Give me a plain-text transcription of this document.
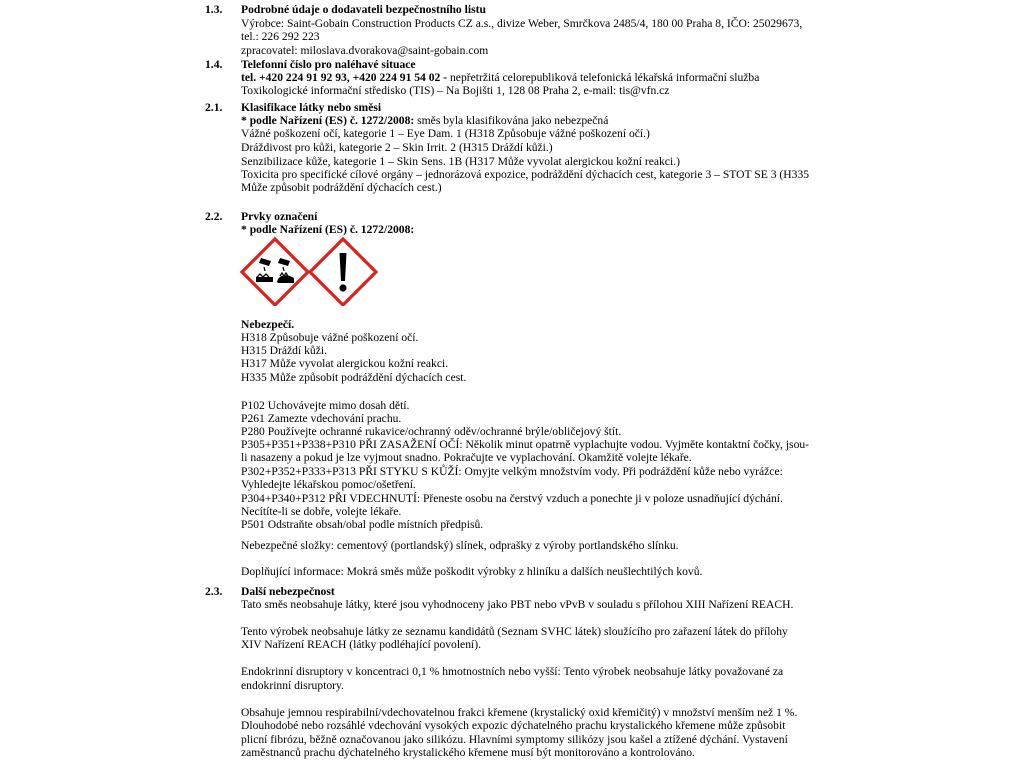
1.3. Podrobné údaje o dodavateli bezpečnostního listu
Výrobce: Saint-Gobain Construction Products CZ a.s., divize Weber, Smrčkova 2485/4, 180 00 Praha 8, IČO: 25029673,
tel.: 226 292 223
zpracovatel: miloslava.dvorakova@saint-gobain.com
1.4. Telefonní číslo pro naléhavé situace
tel. +420 224 91 92 93, +420 224 91 54 02 - nepřetržitá celorepubliková telefonická lékařská informační služba
Toxikologické informační středisko (TIS) – Na Bojišti 1, 128 08 Praha 2, e-mail: tis@vfn.cz
2.1. Klasifikace látky nebo směsi
* podle Nařízení (ES) č. 1272/2008: směs byla klasifikována jako nebezpečná
Vážné poškození očí, kategorie 1 – Eye Dam. 1 (H318 Způsobuje vážné poškození očí.)
Dráždivost pro kůži, kategorie 2 – Skin Irrit. 2 (H315 Dráždí kůži.)
Senzibilizace kůže, kategorie 1 – Skin Sens. 1B (H317 Může vyvolat alergickou kožní reakci.)
Toxicita pro specifické cílové orgány – jednorázová expozice, podráždění dýchacích cest, kategorie 3 – STOT SE 3 (H335
Může způsobit podráždění dýchacích cest.)
2.2. Prvky označení
* podle Nařízení (ES) č. 1272/2008:
Nebezpečí.
H318 Způsobuje vážné poškození očí.
H315 Dráždí kůži.
H317 Může vyvolat alergickou kožní reakci.
H335 Může způsobit podráždění dýchacích cest.
P102 Uchovávejte mimo dosah dětí.
P261 Zamezte vdechování prachu.
P280 Používejte ochranné rukavice/ochranný oděv/ochranné brýle/obličejový štít.
P305+P351+P338+P310 PŘI ZASAŽENÍ OČÍ: Několik minut opatrně vyplachujte vodou. Vyjměte kontaktní čočky, jsou-
li nasazeny a pokud je lze vyjmout snadno. Pokračujte ve vyplachování. Okamžitě volejte lékaře.
P302+P352+P333+P313 PŘI STYKU S KŮŽÍ: Omyjte velkým množstvím vody. Při podráždění kůže nebo vyrážce:
Vyhledejte lékařskou pomoc/ošetření.
P304+P340+P312 PŘI VDECHNUTÍ: Přeneste osobu na čerstvý vzduch a ponechte ji v poloze usnadňující dýchání.
Necítíte-li se dobře, volejte lékaře.
P501 Odstraňte obsah/obal podle místních předpisů.
Nebezpečné složky: cementový (portlandský) slínek, odprašky z výroby portlandského slínku.
Doplňující informace: Mokrá směs může poškodit výrobky z hliníku a dalších neušlechtilých kovů.
2.3. Další nebezpečnost
Tato směs neobsahuje látky, které jsou vyhodnoceny jako PBT nebo vPvB v souladu s přílohou XIII Nařízení REACH.
Tento výrobek neobsahuje látky ze seznamu kandidátů (Seznam SVHC látek) sloužícího pro zařazení látek do přílohy
XIV Nařízení REACH (látky podléhající povolení).
Endokrinní disruptory v koncentraci 0,1 % hmotnostních nebo vyšší: Tento výrobek neobsahuje látky považované za
endokrinní disruptory.
Obsahuje jemnou respirabilní/vdechovatelnou frakci křemene (krystalický oxid křemičitý) v množství menším než 1 %.
Dlouhodobé nebo rozsáhlé vdechování vysokých expozic dýchatelného prachu krystalického křemene může způsobit
plicní fibrózu, běžně označovanou jako silikózu. Hlavními symptomy silikózy jsou kašel a ztížené dýchání. Vystavení
zaměstnanců prachu dýchatelného krystalického křemene musí být monitorováno a kontrolováno.
